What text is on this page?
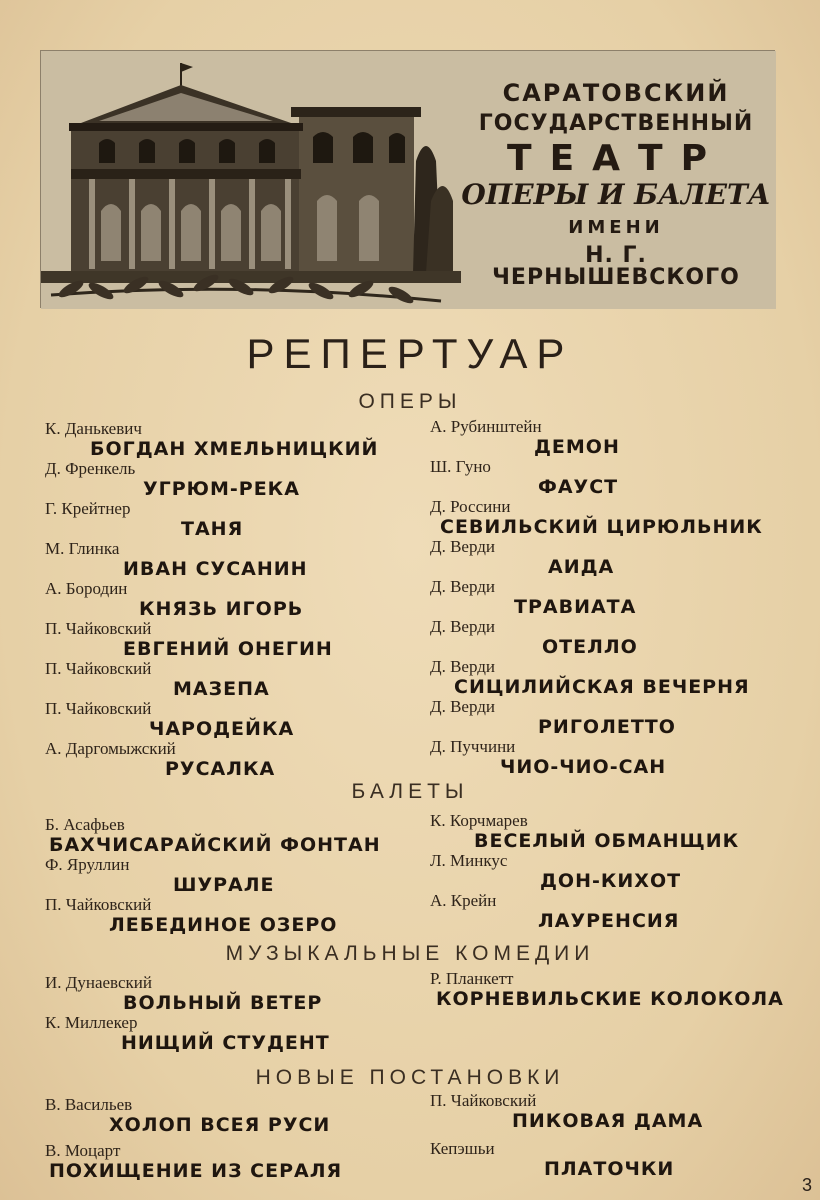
САРАТОВСКИЙ
ГОСУДАРСТВЕННЫЙ
ТЕАТР
ОПЕРЫ И БАЛЕТА
ИМЕНИ
Н. Г. ЧЕРНЫШЕВСКОГО
РЕПЕРТУАР
ОПЕРЫ
К. Данькевич
БОГДАН ХМЕЛЬНИЦКИЙ
Д. Френкель
УГРЮМ-РЕКА
Г. Крейтнер
ТАНЯ
М. Глинка
ИВАН СУСАНИН
А. Бородин
КНЯЗЬ ИГОРЬ
П. Чайковский
ЕВГЕНИЙ ОНЕГИН
П. Чайковский
МАЗЕПА
П. Чайковский
ЧАРОДЕЙКА
А. Даргомыжский
РУСАЛКА
А. Рубинштейн
ДЕМОН
Ш. Гуно
ФАУСТ
Д. Россини
СЕВИЛЬСКИЙ ЦИРЮЛЬНИК
Д. Верди
АИДА
Д. Верди
ТРАВИАТА
Д. Верди
ОТЕЛЛО
Д. Верди
СИЦИЛИЙСКАЯ ВЕЧЕРНЯ
Д. Верди
РИГОЛЕТТО
Д. Пуччини
ЧИО-ЧИО-САН
БАЛЕТЫ
Б. Асафьев
БАХЧИСАРАЙСКИЙ ФОНТАН
Ф. Яруллин
ШУРАЛЕ
П. Чайковский
ЛЕБЕДИНОЕ ОЗЕРО
К. Корчмарев
ВЕСЕЛЫЙ ОБМАНЩИК
Л. Минкус
ДОН-КИХОТ
А. Крейн
ЛАУРЕНСИЯ
МУЗЫКАЛЬНЫЕ КОМЕДИИ
И. Дунаевский
ВОЛЬНЫЙ ВЕТЕР
К. Миллекер
НИЩИЙ СТУДЕНТ
Р. Планкетт
КОРНЕВИЛЬСКИЕ КОЛОКОЛА
НОВЫЕ ПОСТАНОВКИ
В. Васильев
ХОЛОП ВСЕЯ РУСИ
В. Моцарт
ПОХИЩЕНИЕ ИЗ СЕРАЛЯ
П. Чайковский
ПИКОВАЯ ДАМА
Кепэшьи
ПЛАТОЧКИ
3
